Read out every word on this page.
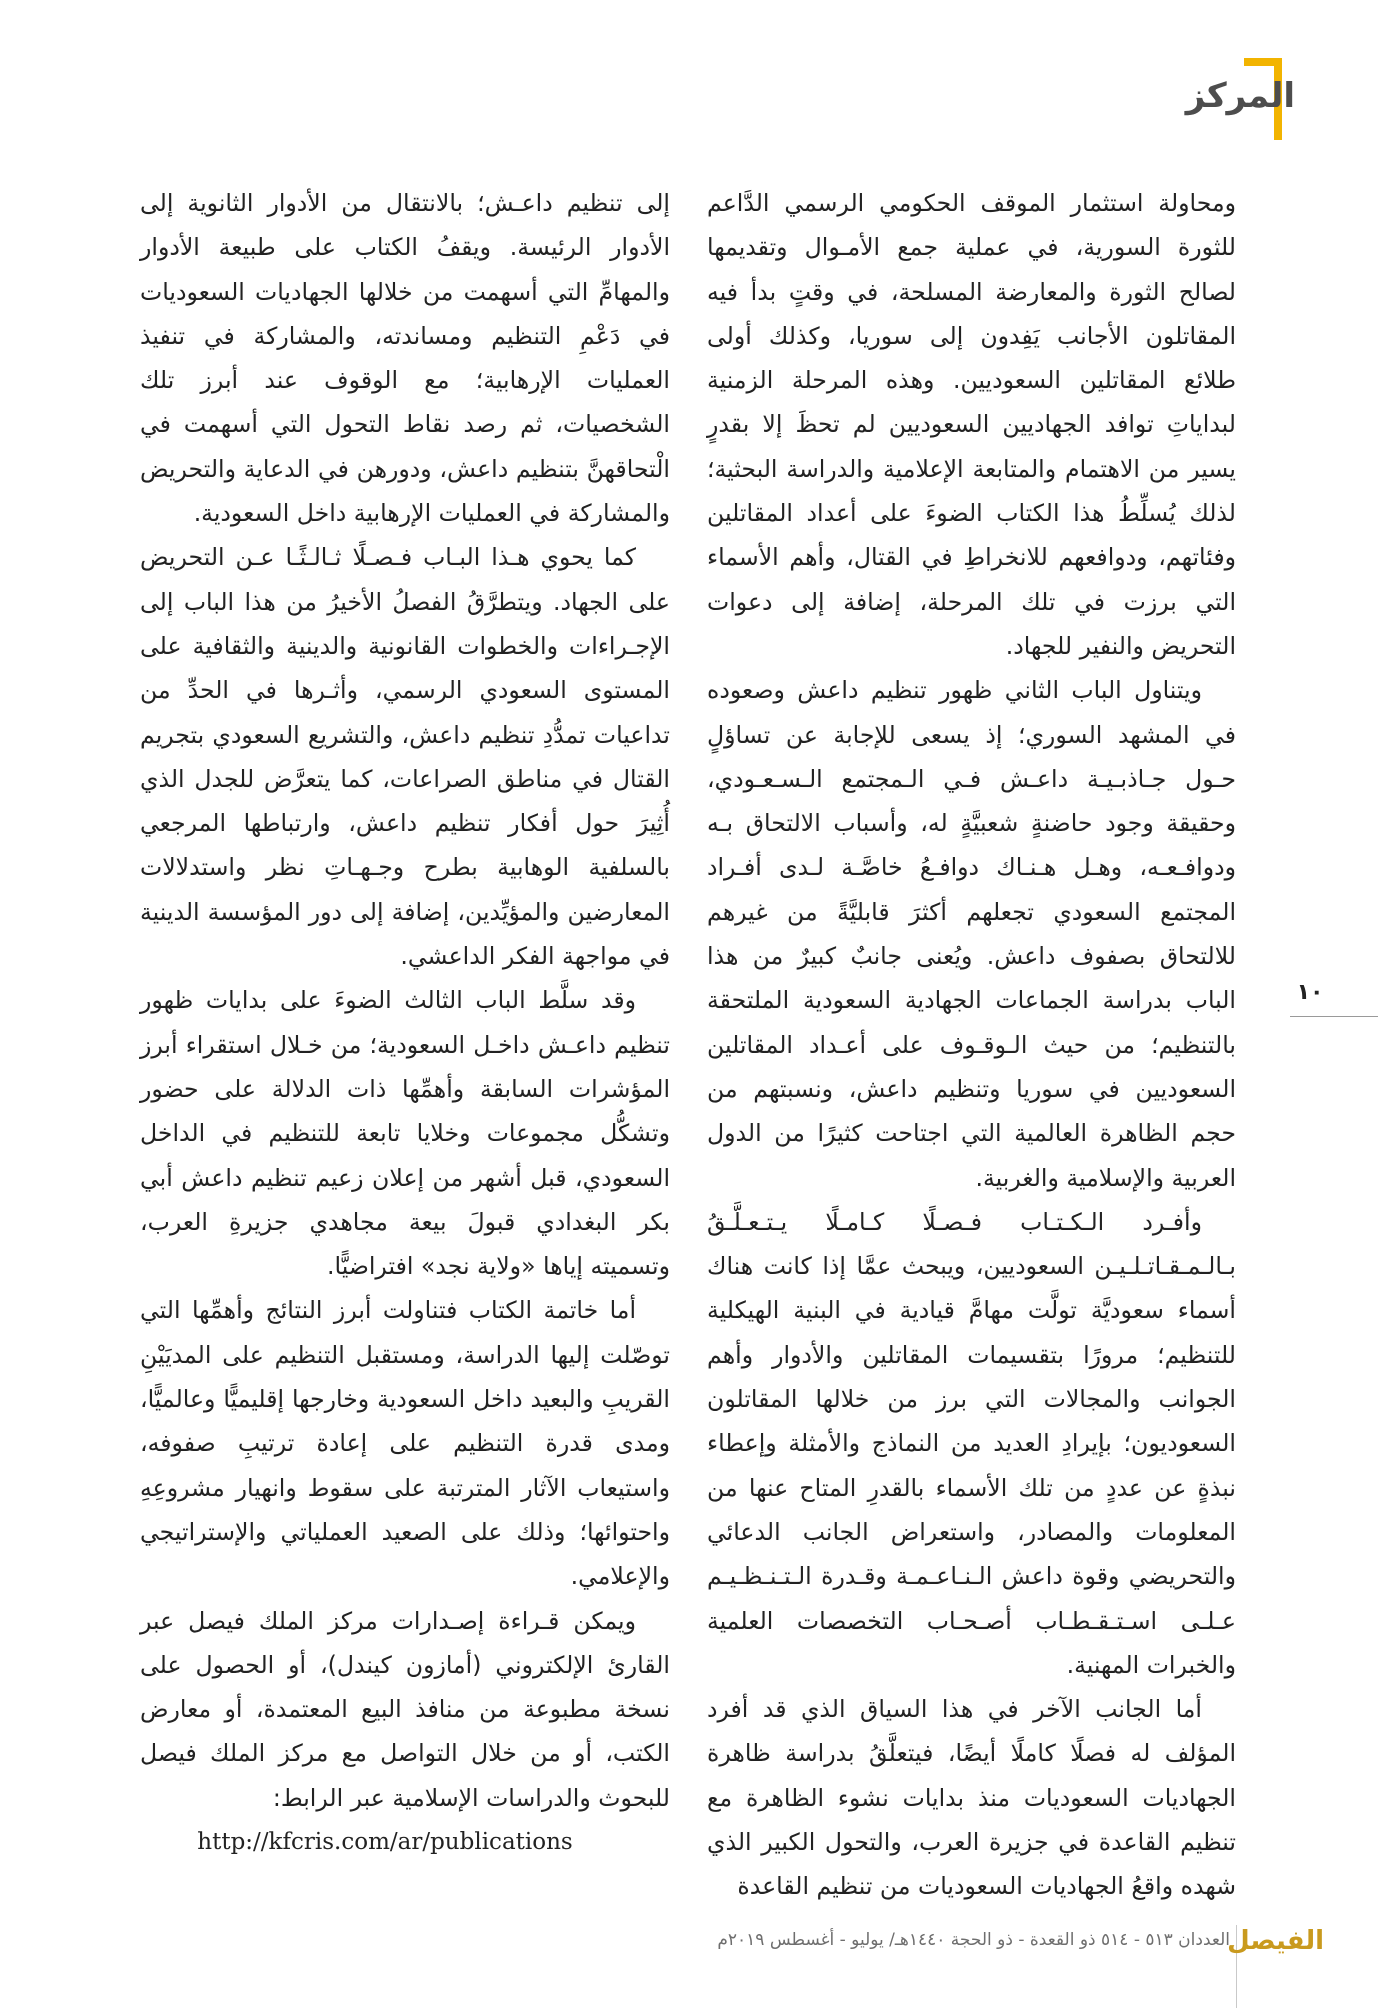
المركز

ومحاولة استثمار الموقف الحكومي الرسمي الدَّاعم للثورة السورية، في عملية جمع الأمـوال وتقديمها لصالح الثورة والمعارضة المسلحة، في وقتٍ بدأ فيه المقاتلون الأجانب يَفِدون إلى سوريا، وكذلك أولى طلائع المقاتلين السعوديين. وهذه المرحلة الزمنية لبداياتِ توافد الجهاديين السعوديين لم تحظَ إلا بقدرٍ يسير من الاهتمام والمتابعة الإعلامية والدراسة البحثية؛ لذلك يُسلِّطُ هذا الكتاب الضوءَ على أعداد المقاتلين وفئاتهم، ودوافعهم للانخراطِ في القتال، وأهم الأسماء التي برزت في تلك المرحلة، إضافة إلى دعوات التحريض والنفير للجهاد.

ويتناول الباب الثاني ظهور تنظيم داعش وصعوده في المشهد السوري؛ إذ يسعى للإجابة عن تساؤلٍ حـول جـاذبـيـة داعـش فـي الـمجتمع الـسـعـودي، وحقيقة وجود حاضنةٍ شعبيَّةٍ له، وأسباب الالتحاق بـه ودوافـعـه، وهـل هـنـاك دوافـعُ خاصَّـة لـدى أفـراد المجتمع السعودي تجعلهم أكثرَ قابليَّةً من غيرهم للالتحاق بصفوف داعش. ويُعنى جانبٌ كبيرٌ من هذا الباب بدراسة الجماعات الجهادية السعودية الملتحقة بالتنظيم؛ من حيث الـوقـوف على أعـداد المقاتلين السعوديين في سوريا وتنظيم داعش، ونسبتهم من حجم الظاهرة العالمية التي اجتاحت كثيرًا من الدول العربية والإسلامية والغربية.

وأفـرد الـكـتـاب فـصـلًا كـامـلًا يـتـعـلَّـقُ بـالـمـقـاتـلـيـن السعوديين، ويبحث عمَّا إذا كانت هناك أسماء سعوديَّة تولَّت مهامَّ قيادية في البنية الهيكلية للتنظيم؛ مرورًا بتقسيمات المقاتلين والأدوار وأهم الجوانب والمجالات التي برز من خلالها المقاتلون السعوديون؛ بإيرادِ العديد من النماذج والأمثلة وإعطاء نبذةٍ عن عددٍ من تلك الأسماء بالقدرِ المتاح عنها من المعلومات والمصادر، واستعراض الجانب الدعائي والتحريضي وقوة داعش الـنـاعـمـة وقـدرة الـتـنـظـيـم عـلـى اسـتـقـطـاب أصـحـاب التخصصات العلمية والخبرات المهنية.

أما الجانب الآخر في هذا السياق الذي قد أفرد المؤلف له فصلًا كاملًا أيضًا، فيتعلَّقُ بدراسة ظاهرة الجهاديات السعوديات منذ بدايات نشوء الظاهرة مع تنظيم القاعدة في جزيرة العرب، والتحول الكبير الذي شهده واقعُ الجهاديات السعوديات من تنظيم القاعدة

إلى تنظيم داعـش؛ بالانتقال من الأدوار الثانوية إلى الأدوار الرئيسة. ويقفُ الكتاب على طبيعة الأدوار والمهامِّ التي أسهمت من خلالها الجهاديات السعوديات في دَعْمِ التنظيم ومساندته، والمشاركة في تنفيذ العمليات الإرهابية؛ مع الوقوف عند أبرز تلك الشخصيات، ثم رصد نقاط التحول التي أسهمت في الْتحاقهنَّ بتنظيم داعش، ودورهن في الدعاية والتحريض والمشاركة في العمليات الإرهابية داخل السعودية.

كما يحوي هـذا البـاب فـصـلًا ثـالـثًـا عـن التحريض على الجهاد. ويتطرَّقُ الفصلُ الأخيرُ من هذا الباب إلى الإجـراءات والخطوات القانونية والدينية والثقافية على المستوى السعودي الرسمي، وأثـرها في الحدِّ من تداعيات تمدُّدِ تنظيم داعش، والتشريع السعودي بتجريم القتال في مناطق الصراعات، كما يتعرَّض للجدل الذي أُثِيرَ حول أفكار تنظيم داعش، وارتباطها المرجعي بالسلفية الوهابية بطرح وجـهـاتِ نظر واستدلالات المعارضين والمؤيِّدين، إضافة إلى دور المؤسسة الدينية في مواجهة الفكر الداعشي.

وقد سلَّط الباب الثالث الضوءَ على بدايات ظهور تنظيم داعـش داخـل السعودية؛ من خـلال استقراء أبرز المؤشرات السابقة وأهمِّها ذات الدلالة على حضور وتشكُّل مجموعات وخلايا تابعة للتنظيم في الداخل السعودي، قبل أشهر من إعلان زعيم تنظيم داعش أبي بكر البغدادي قبولَ بيعة مجاهدي جزيرةِ العرب، وتسميته إياها «ولاية نجد» افتراضيًّا.

أما خاتمة الكتاب فتناولت أبرز النتائج وأهمِّها التي توصّلت إليها الدراسة، ومستقبل التنظيم على المديَيْنِ القريبِ والبعيد داخل السعودية وخارجها إقليميًّا وعالميًّا، ومدى قدرة التنظيم على إعادة ترتيبِ صفوفه، واستيعاب الآثار المترتبة على سقوط وانهيار مشروعِهِ واحتوائها؛ وذلك على الصعيد العملياتي والإستراتيجي والإعلامي.

ويمكن قـراءة إصـدارات مركز الملك فيصل عبر القارئ الإلكتروني (أمازون كيندل)، أو الحصول على نسخة مطبوعة من منافذ البيع المعتمدة، أو معارض الكتب، أو من خلال التواصل مع مركز الملك فيصل للبحوث والدراسات الإسلامية عبر الرابط:

http://kfcris.com/ar/publications
١٠
الفيصل
العددان ٥١٣ - ٥١٤ ذو القعدة - ذو الحجة ١٤٤٠هـ/ يوليو - أغسطس ٢٠١٩م
